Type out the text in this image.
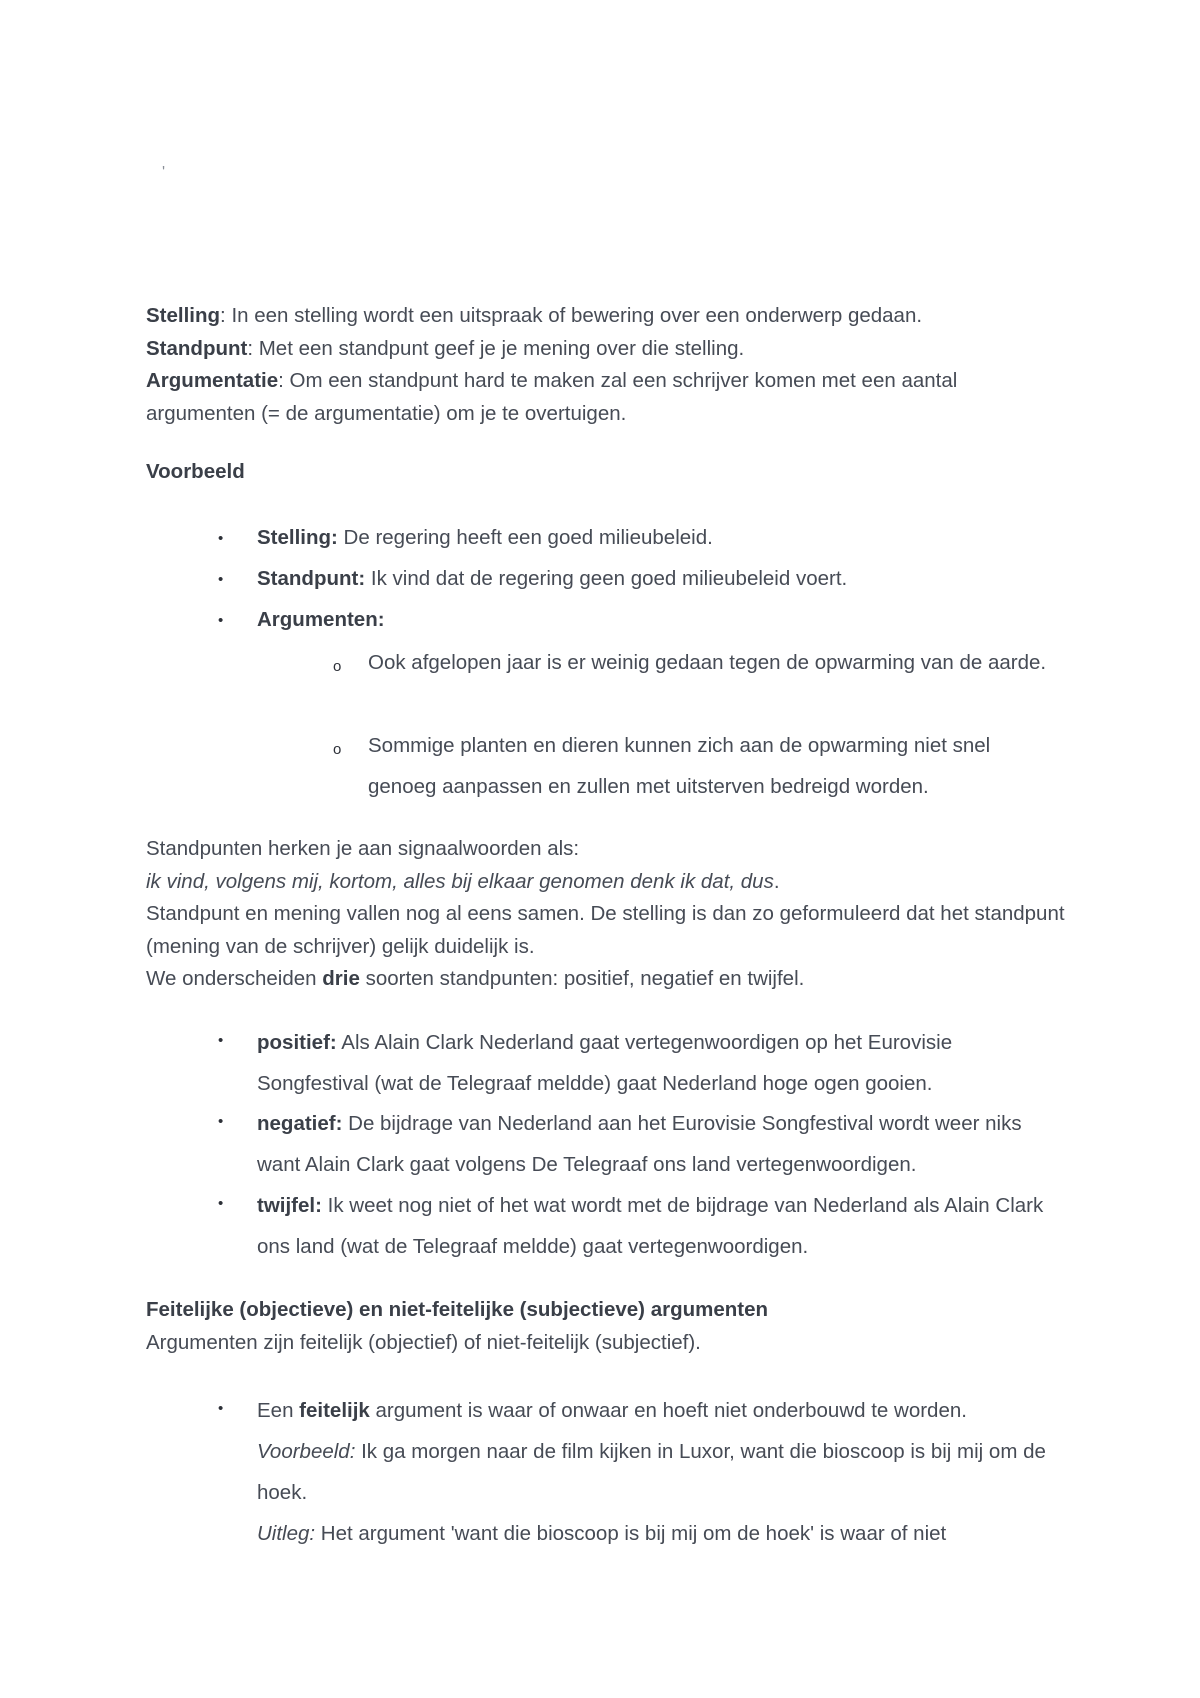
'

Stelling: In een stelling wordt een uitspraak of bewering over een onderwerp gedaan.

Standpunt: Met een standpunt geef je je mening over die stelling.

Argumentatie: Om een standpunt hard te maken zal een schrijver komen met een aantal argumenten (= de argumentatie) om je te overtuigen.

Voorbeeld
• Stelling: De regering heeft een goed milieubeleid.
• Standpunt: Ik vind dat de regering geen goed milieubeleid voert.
• Argumenten:
o Ook afgelopen jaar is er weinig gedaan tegen de opwarming van de aarde.
o Sommige planten en dieren kunnen zich aan de opwarming niet snel genoeg aanpassen en zullen met uitsterven bedreigd worden.

Standpunten herken je aan signaalwoorden als:

ik vind, volgens mij, kortom, alles bij elkaar genomen denk ik dat, dus.

Standpunt en mening vallen nog al eens samen. De stelling is dan zo geformuleerd dat het standpunt (mening van de schrijver) gelijk duidelijk is.

We onderscheiden drie soorten standpunten: positief, negatief en twijfel.

• positief: Als Alain Clark Nederland gaat vertegenwoordigen op het Eurovisie Songfestival (wat de Telegraaf meldde) gaat Nederland hoge ogen gooien.
• negatief: De bijdrage van Nederland aan het Eurovisie Songfestival wordt weer niks want Alain Clark gaat volgens De Telegraaf ons land vertegenwoordigen.
• twijfel: Ik weet nog niet of het wat wordt met de bijdrage van Nederland als Alain Clark ons land (wat de Telegraaf meldde) gaat vertegenwoordigen.

Feitelijke (objectieve) en niet-feitelijke (subjectieve) argumenten

Argumenten zijn feitelijk (objectief) of niet-feitelijk (subjectief).

• Een feitelijk argument is waar of onwaar en hoeft niet onderbouwd te worden.

Voorbeeld: Ik ga morgen naar de film kijken in Luxor, want die bioscoop is bij mij om de hoek.

Uitleg: Het argument 'want die bioscoop is bij mij om de hoek' is waar of niet
